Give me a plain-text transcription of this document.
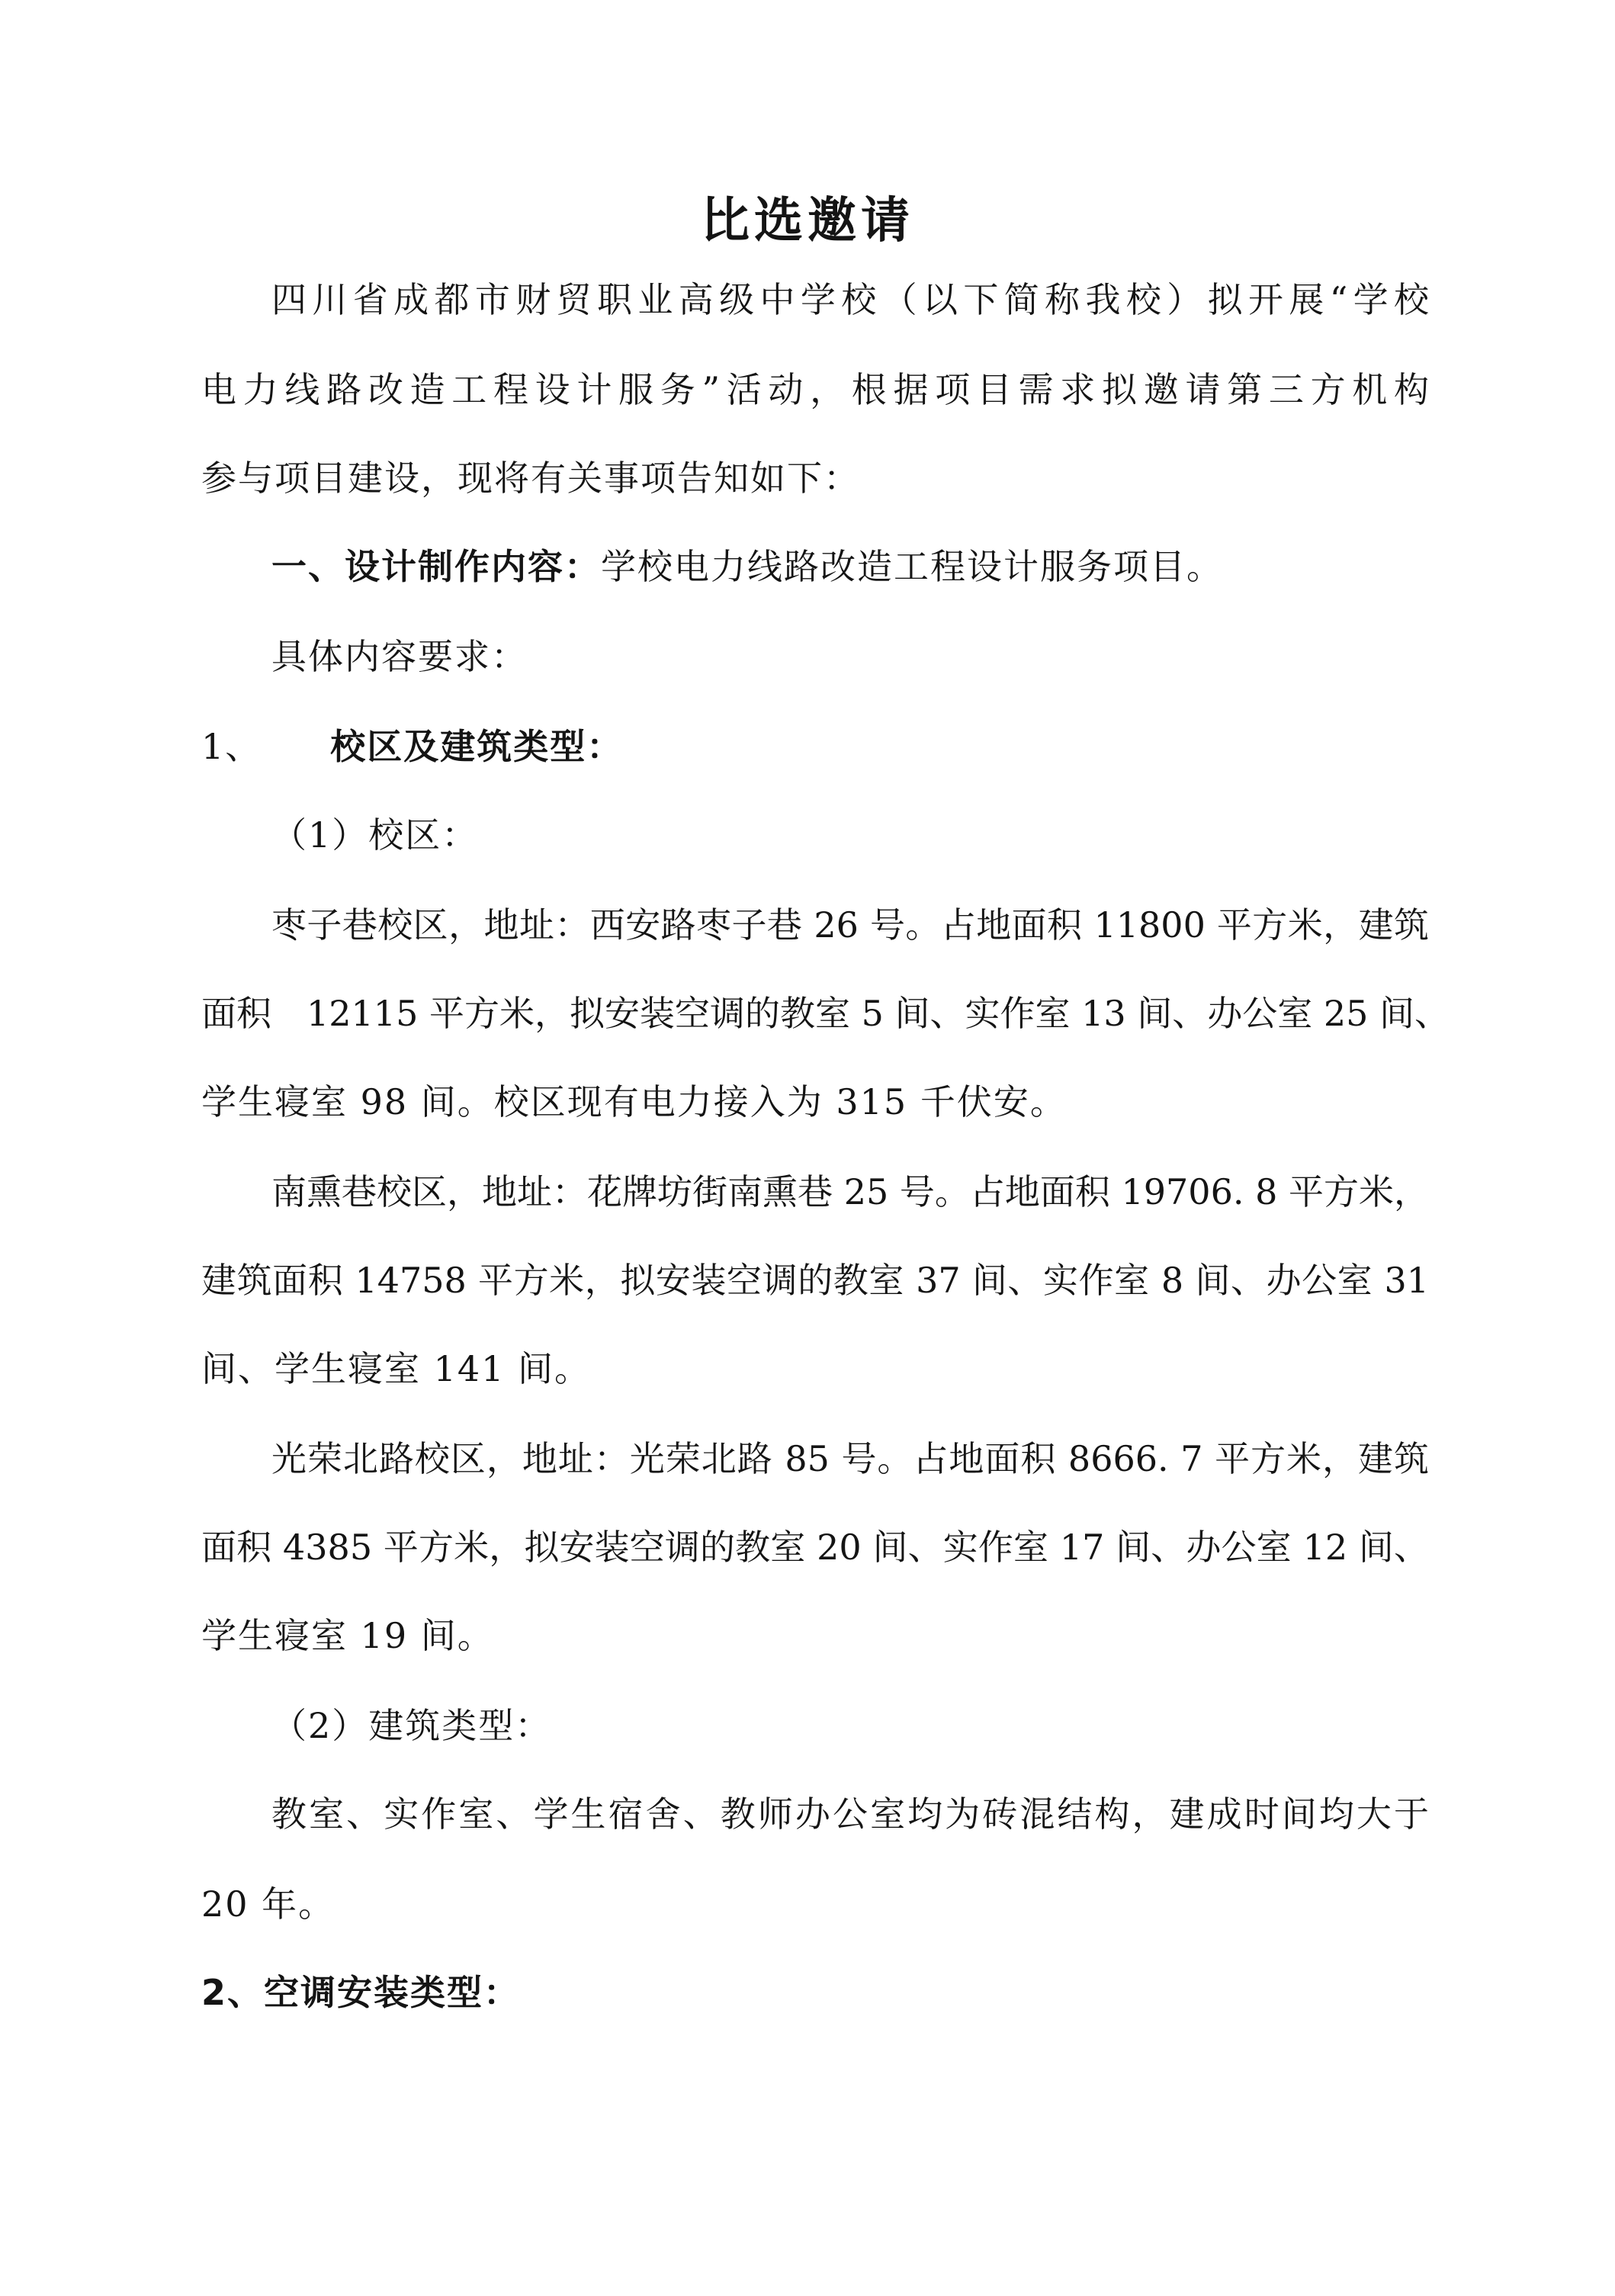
比选邀请
四川省成都市财贸职业高级中学校（以下简称我校）拟开展“学校
电力线路改造工程设计服务”活动，根据项目需求拟邀请第三方机构
参与项目建设，现将有关事项告知如下：
一、设计制作内容：学校电力线路改造工程设计服务项目。
具体内容要求：
1、 校区及建筑类型：
（1）校区：
枣子巷校区，地址：西安路枣子巷 26 号。占地面积 11800 平方米，建筑
面积　12115 平方米，拟安装空调的教室 5 间、实作室 13 间、办公室 25 间、
学生寝室 98 间。校区现有电力接入为 315 千伏安。
南熏巷校区，地址：花牌坊街南熏巷 25 号。占地面积 19706. 8 平方米，
建筑面积 14758 平方米，拟安装空调的教室 37 间、实作室 8 间、办公室 31
间、学生寝室 141 间。
光荣北路校区，地址：光荣北路 85 号。占地面积 8666. 7 平方米，建筑
面积 4385 平方米，拟安装空调的教室 20 间、实作室 17 间、办公室 12 间、
学生寝室 19 间。
（2）建筑类型：
教室、实作室、学生宿舍、教师办公室均为砖混结构，建成时间均大于
20 年。
2、空调安装类型：
